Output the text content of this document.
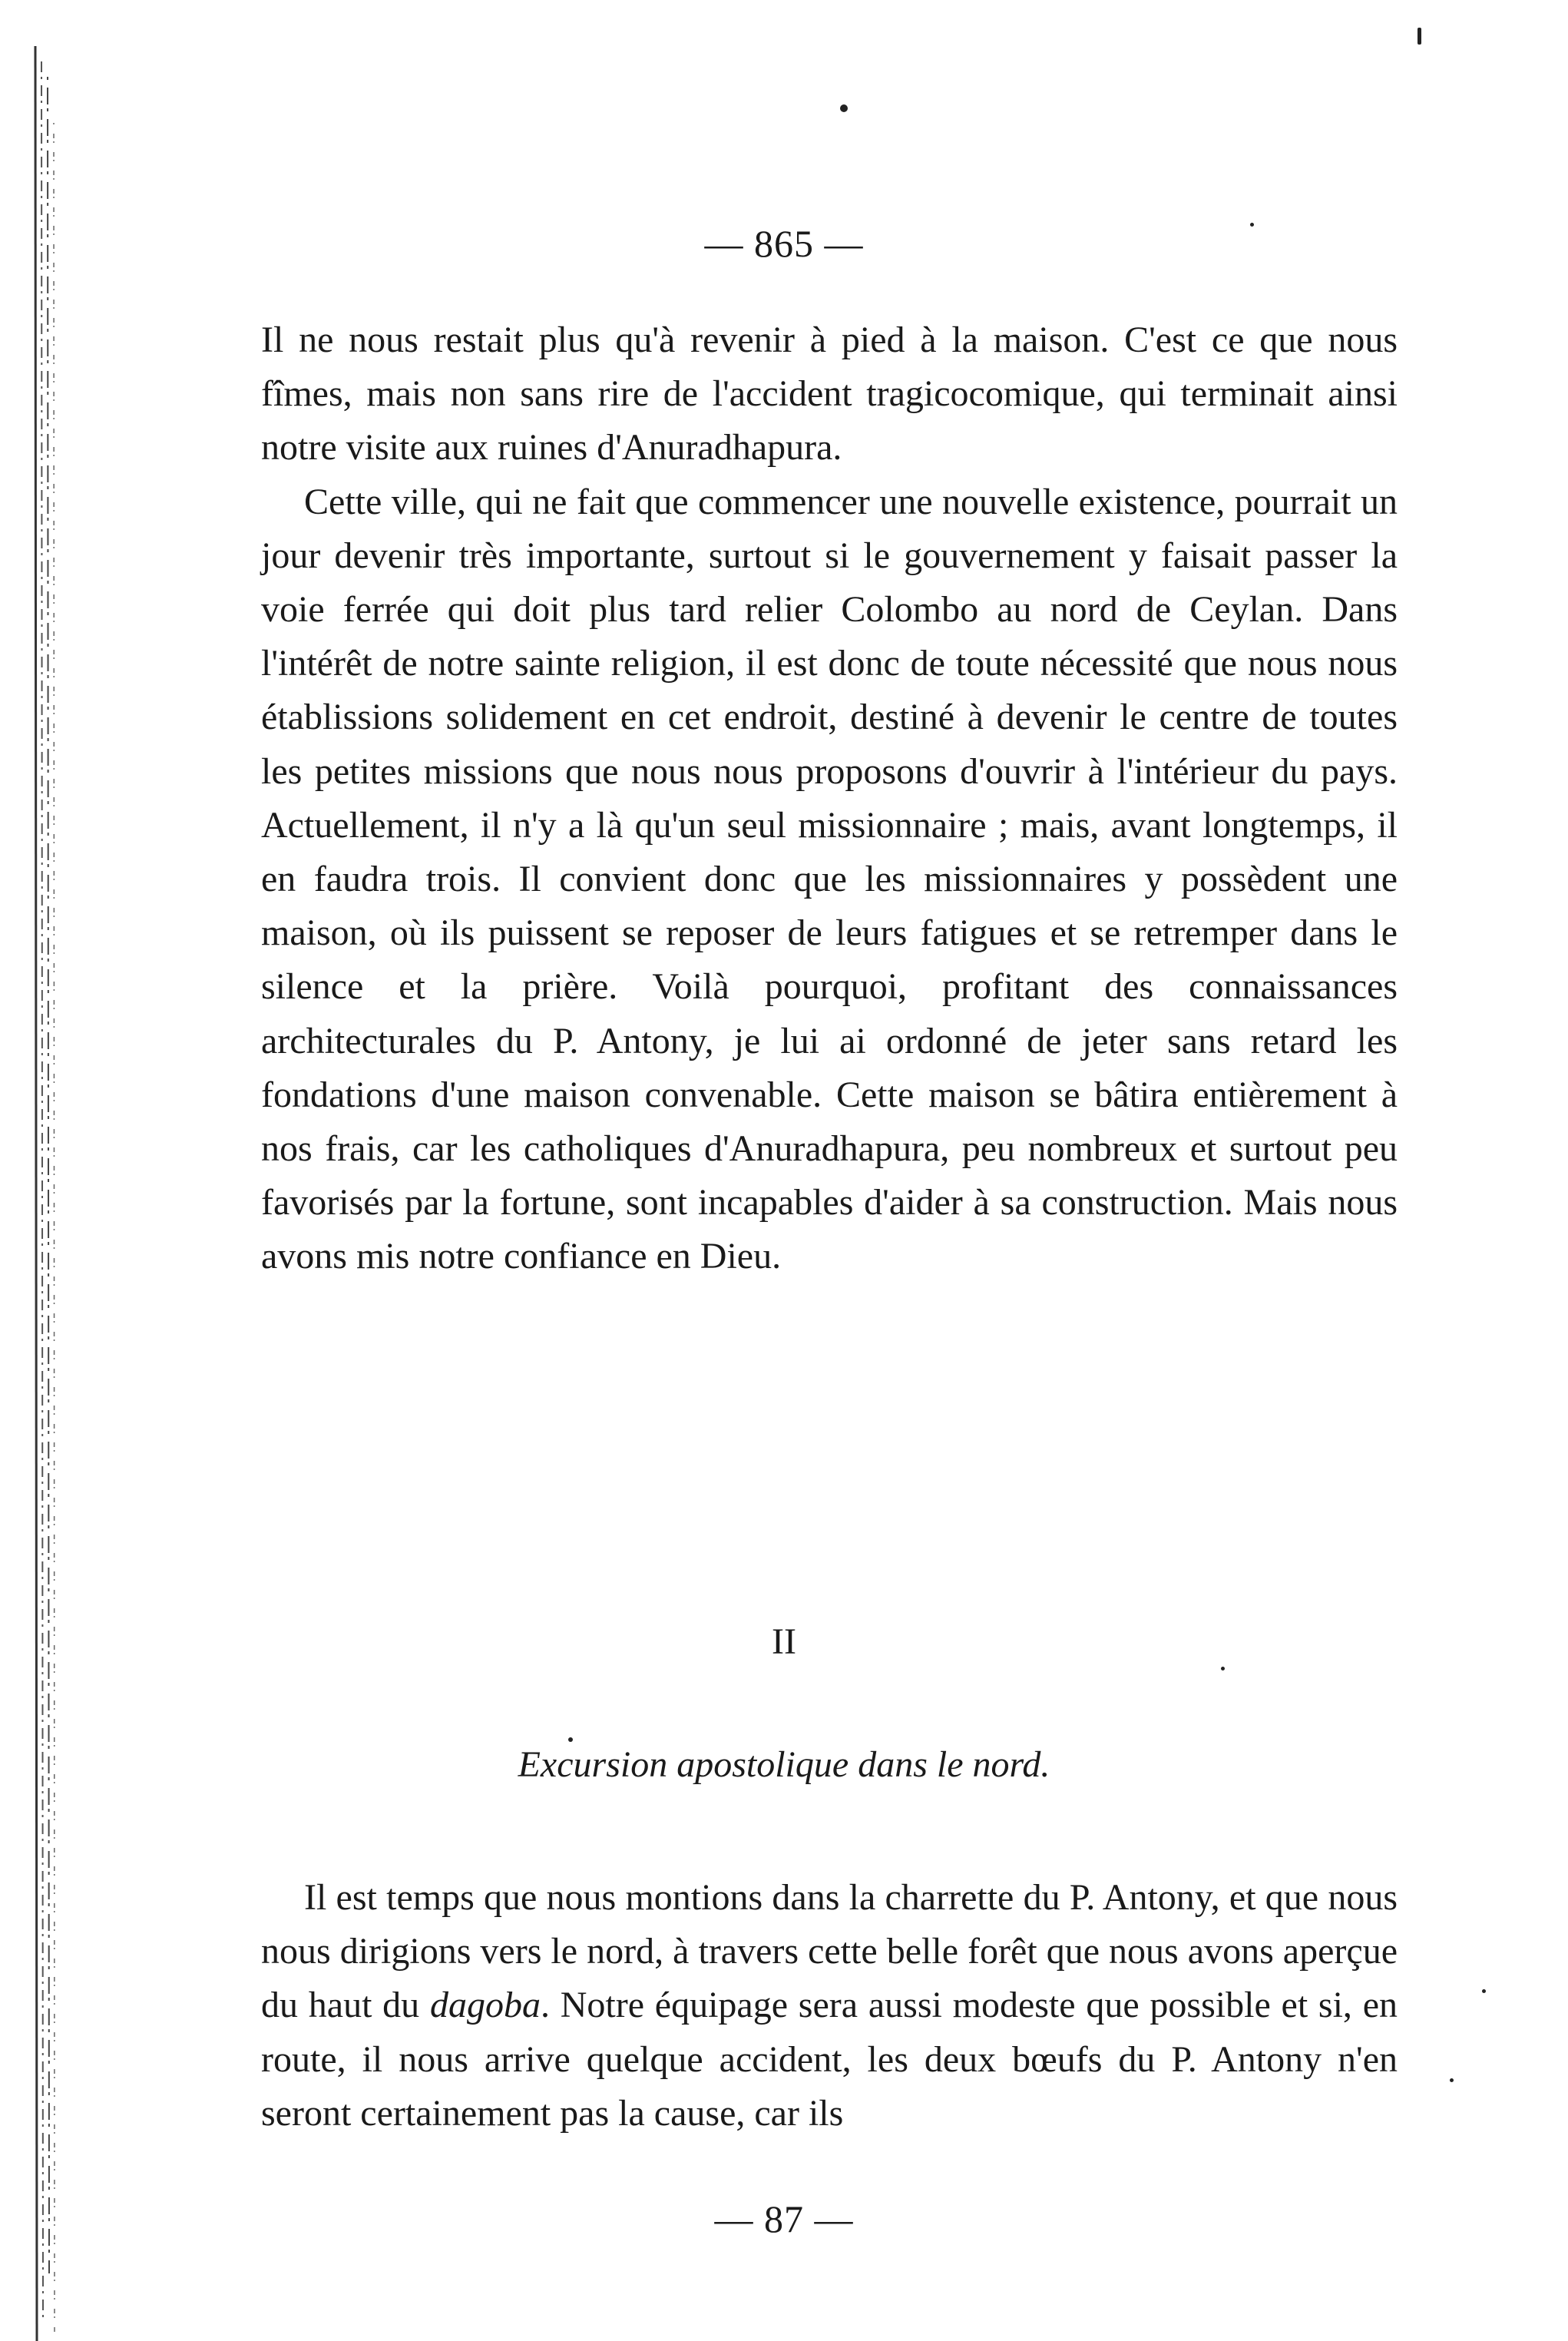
— 865 —

Il ne nous restait plus qu'à revenir à pied à la maison. C'est ce que nous fîmes, mais non sans rire de l'accident tragicocomique, qui terminait ainsi notre visite aux ruines d'Anuradhapura.

Cette ville, qui ne fait que commencer une nouvelle existence, pourrait un jour devenir très importante, surtout si le gouvernement y faisait passer la voie ferrée qui doit plus tard relier Colombo au nord de Ceylan. Dans l'intérêt de notre sainte religion, il est donc de toute nécessité que nous nous établissions solidement en cet endroit, destiné à devenir le centre de toutes les petites missions que nous nous proposons d'ouvrir à l'intérieur du pays. Actuellement, il n'y a là qu'un seul missionnaire ; mais, avant longtemps, il en faudra trois. Il convient donc que les missionnaires y possèdent une maison, où ils puissent se reposer de leurs fatigues et se retremper dans le silence et la prière. Voilà pourquoi, profitant des connaissances architecturales du P. Antony, je lui ai ordonné de jeter sans retard les fondations d'une maison convenable. Cette maison se bâtira entièrement à nos frais, car les catholiques d'Anuradhapura, peu nombreux et surtout peu favorisés par la fortune, sont incapables d'aider à sa construction. Mais nous avons mis notre confiance en Dieu.

II
Excursion apostolique dans le nord.

Il est temps que nous montions dans la charrette du P. Antony, et que nous nous dirigions vers le nord, à travers cette belle forêt que nous avons aperçue du haut du dagoba. Notre équipage sera aussi modeste que possible et si, en route, il nous arrive quelque accident, les deux bœufs du P. Antony n'en seront certainement pas la cause, car ils

— 87 —
